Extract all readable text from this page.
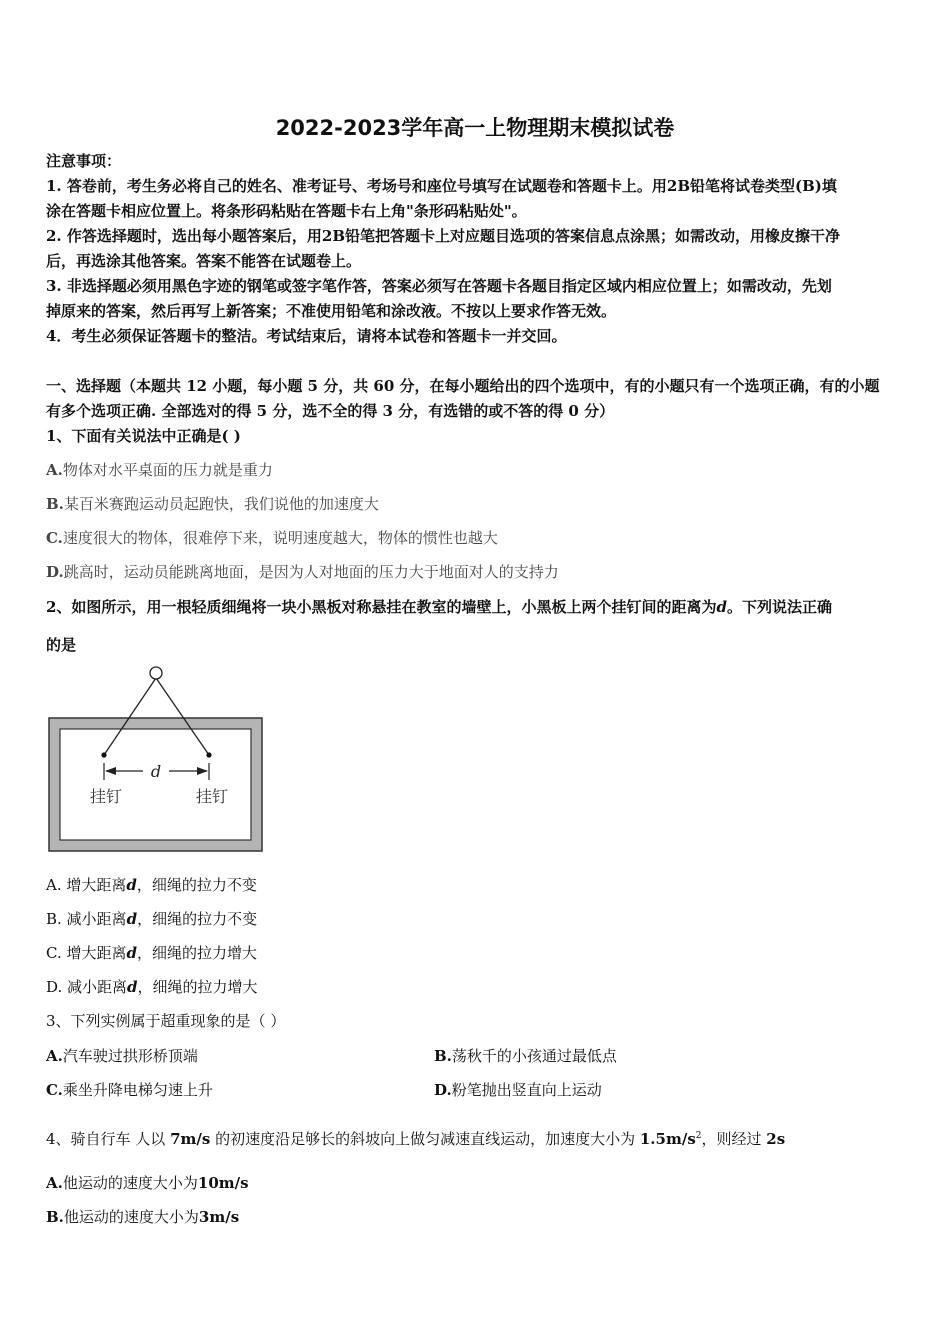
2022-2023学年高一上物理期末模拟试卷
注意事项：
1. 答卷前，考生务必将自己的姓名、准考证号、考场号和座位号填写在试题卷和答题卡上。用2B铅笔将试卷类型(B)填
涂在答题卡相应位置上。将条形码粘贴在答题卡右上角"条形码粘贴处"。
2. 作答选择题时，选出每小题答案后，用2B铅笔把答题卡上对应题目选项的答案信息点涂黑；如需改动，用橡皮擦干净
后，再选涂其他答案。答案不能答在试题卷上。
3. 非选择题必须用黑色字迹的钢笔或签字笔作答，答案必须写在答题卡各题目指定区域内相应位置上；如需改动，先划
掉原来的答案，然后再写上新答案；不准使用铅笔和涂改液。不按以上要求作答无效。
4．考生必须保证答题卡的整洁。考试结束后，请将本试卷和答题卡一并交回。
一、选择题（本题共 12 小题，每小题 5 分，共 60 分，在每小题给出的四个选项中，有的小题只有一个选项正确，有的小题
有多个选项正确. 全部选对的得 5 分，选不全的得 3 分，有选错的或不答的得 0 分）
1、下面有关说法中正确是( )
A.物体对水平桌面的压力就是重力
B.某百米赛跑运动员起跑快，我们说他的加速度大
C.速度很大的物体，很难停下来，说明速度越大，物体的惯性也越大
D.跳高时，运动员能跳离地面，是因为人对地面的压力大于地面对人的支持力
2、如图所示，用一根轻质细绳将一块小黑板对称悬挂在教室的墙壁上，小黑板上两个挂钉间的距离为d。下列说法正确
的是
d
挂钉	挂钉
A. 增大距离d，细绳的拉力不变
B. 减小距离d，细绳的拉力不变
C. 增大距离d，细绳的拉力增大
D. 减小距离d，细绳的拉力增大
3、下列实例属于超重现象的是（ ）
A.汽车驶过拱形桥顶端	B.荡秋千的小孩通过最低点
C.乘坐升降电梯匀速上升	D.粉笔抛出竖直向上运动
4、骑自行车 人以 7m/s 的初速度沿足够长的斜坡向上做匀减速直线运动，加速度大小为 $1.5m/s^2$，则经过 2s
A.他运动的速度大小为10m/s
B.他运动的速度大小为3m/s
